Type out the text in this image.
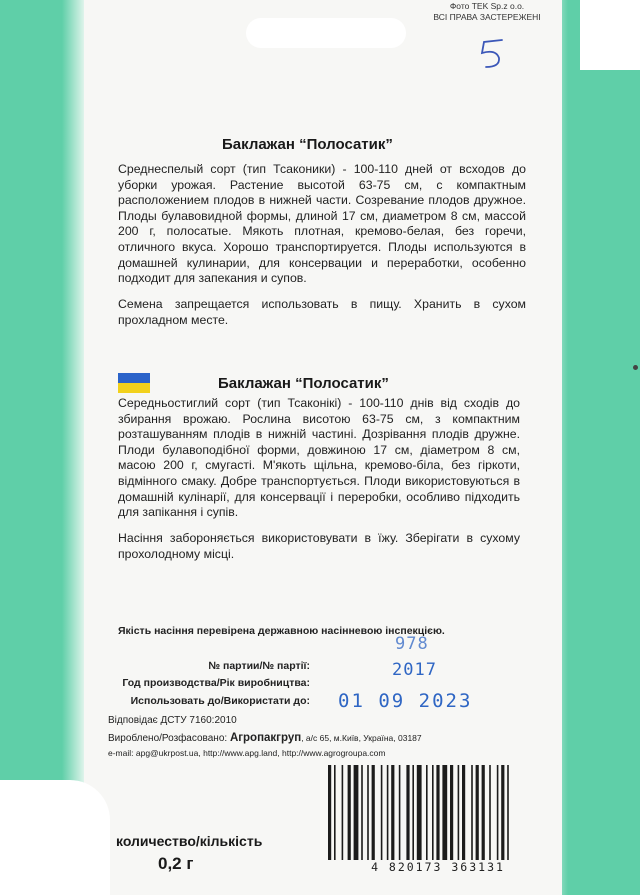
Фото TEK Sp.z o.o.
ВСІ ПРАВА ЗАСТЕРЕЖЕНІ
Баклажан “Полосатик”

Среднеспелый сорт (тип Тсаконики) - 100-110 дней от всходов до уборки урожая. Растение высотой 63-75 см, с компактным расположением плодов в нижней части. Созревание плодов дружное. Плоды булавовидной формы, длиной 17 см, диаметром 8 см, массой 200 г, полосатые. Мякоть плотная, кремово-белая, без горечи, отличного вкуса. Хорошо транспортируется. Плоды используются в домашней кулинарии, для консервации и переработки, особенно подходит для запекания и супов.

Семена запрещается использовать в пищу. Хранить в сухом прохладном месте.

Баклажан “Полосатик”

Середньостиглий сорт (тип Тсаконікі) - 100-110 днів від сходів до збирання врожаю. Рослина висотою 63-75 см, з компактним розташуванням плодів в нижній частині. Дозрівання плодів дружне. Плоди булавоподібної форми, довжиною 17 см, діаметром 8 см, масою 200 г, смугасті. М'якоть щільна, кремово-біла, без гіркоти, відмінного смаку. Добре транспортується. Плоди використовуються в домашній кулінарії, для консервації і переробки, особливо підходить для запікання і супів.

Насіння забороняється використовувати в їжу. Зберігати в сухому прохолодному місці.

Якість насіння перевірена державною насінневою інспекцією.
№ партии/№ партії:
Год производства/Рік виробництва:
Использовать до/Використати до:
978
2017
01 09 2023
Відповідає ДСТУ 7160:2010
Вироблено/Розфасовано: Агропакгруп, а/с 65, м.Київ, Україна, 03187
e-mail: apg@ukrpost.ua, http://www.apg.land, http://www.agrogroupa.com
количество/кількість
0,2 г	4 820173 363131
